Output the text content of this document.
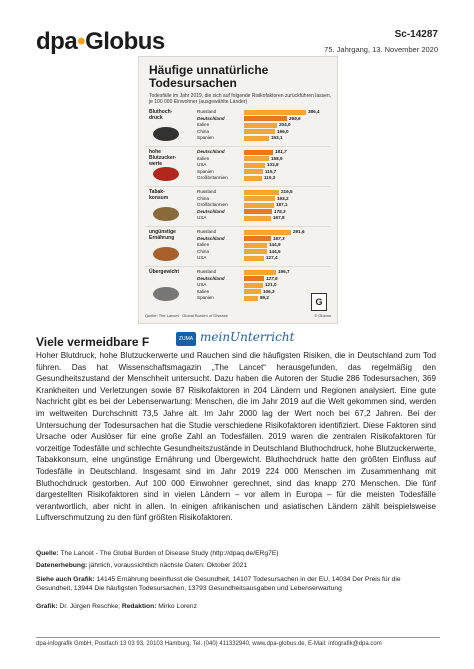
dpa•Globus	Sc-14287
75. Jahrgang, 13. November 2020
Häufige unnatürliche
Todesursachen
Todesfälle im Jahr 2019, die sich auf folgende Risikofaktoren zurückführen lassen, je 100 000 Einwohner (ausgewählte Länder)
G
Quelle: The Lancet · Global Burden of Disease	© Globus
Bluthoch-
druck
Russland	386,4
Deutschland	269,6
Italien	204,0
China	196,0
Spanien	153,1
hohe
Blutzucker-
werte
Deutschland	181,7
Italien	158,9
USA	133,8
Spanien	115,7
Großbritannien	110,3
Tabak-
konsum
Russland	219,5
China	193,2
Großbritannien	187,1
Deutschland	175,3
USA	167,8
ungünstige
Ernährung
Russland	291,6
Deutschland	167,3
Italien	144,9
China	144,5
USA	127,4
Übergewicht	Russland	196,7
Deutschland	127,6
USA	121,0
Italien	106,3
Spanien	89,2
Viele vermeidbare F	ZUMA meinUnterricht
Hoher Blutdruck, hohe Blutzuckerwerte und Rauchen sind die häufigsten Risiken, die in Deutschland zum Tod führen. Das hat Wissenschaftsmagazin „The Lancet“ herausgefunden, das regelmäßig den Gesundheitszustand der Menschheit untersucht. Dazu haben die Autoren der Studie 286 Todesursachen, 369 Krankheiten und Verletzungen sowie 87 Risikofaktoren in 204 Ländern und Regionen analysiert. Eine gute Nachricht gibt es bei der Lebenserwartung: Menschen, die im Jahr 2019 auf die Welt gekommen sind, werden im weltweiten Durchschnitt 73,5 Jahre alt. Im Jahr 2000 lag der Wert noch bei 67,2 Jahren. Bei der Untersuchung der Todesursachen hat die Studie verschiedene Risikofaktoren identifiziert. Diese Faktoren sind Ursache oder Auslöser für eine große Zahl an Todesfällen. 2019 waren die zentralen Risikofaktoren für vorzeitige Todesfälle und schlechte Gesundheitszustände in Deutschland Bluthochdruck, hohe Blutzuckerwerte, Tabakkonsum, eine ungünstige Ernährung und Übergewicht. Bluthochdruck hatte den größten Einfluss auf Todesfälle in Deutschland. Insgesamt sind im Jahr 2019 224 000 Menschen im Zusammenhang mit Bluthochdruck gestorben. Auf 100 000 Einwohner gerechnet, sind das knapp 270 Menschen. Die fünf dargestellten Risikofaktoren sind in vielen Ländern – vor allem in Europa – für die meisten Todesfälle verantwortlich, aber nicht in allen. In einigen afrikanischen und asiatischen Ländern zählt beispielsweise Luftverschmutzung zu den fünf größten Risikofaktoren.
Quelle: The Lancet - The Global Burden of Disease Study (http://dpaq.de/ERg7E)
Datenerhebung: jährlich, voraussichtlich nächste Daten: Oktober 2021
Siehe auch Grafik: 14145 Ernährung beeinflusst die Gesundheit, 14107 Todesursachen in der EU, 14034 Der Preis für die Gesundheit, 13944 Die häufigsten Todesursachen, 13793 Gesundheitsausgaben und Lebenserwartung
Grafik: Dr. Jürgen Reschke; Redaktion: Mirko Lorenz
dpa-infografik GmbH, Postfach 13 03 93, 20103 Hamburg, Tel. (040) 411332940, www.dpa-globus.de, E-Mail: infografik@dpa.com
